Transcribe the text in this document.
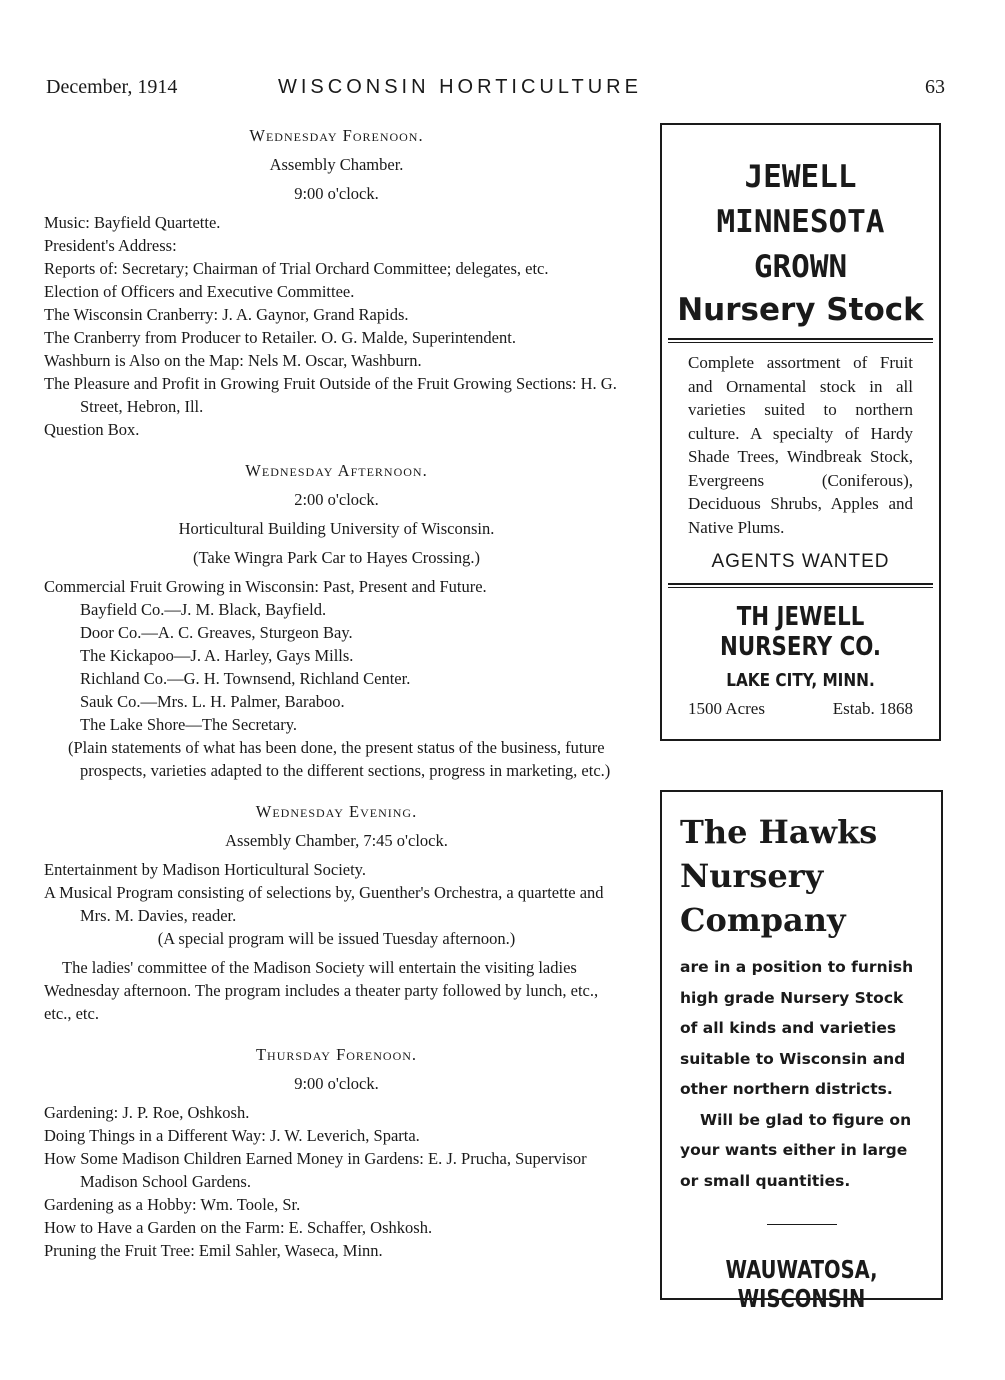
December, 1914	WISCONSIN HORTICULTURE	63
Wednesday Forenoon.
Assembly Chamber.
9:00 o'clock.

Music: Bayfield Quartette.

President's Address:

Reports of: Secretary; Chairman of Trial Orchard Committee; delegates, etc.

Election of Officers and Executive Committee.

The Wisconsin Cranberry: J. A. Gaynor, Grand Rapids.

The Cranberry from Producer to Retailer. O. G. Malde, Superintendent.

Washburn is Also on the Map: Nels M. Oscar, Washburn.

The Pleasure and Profit in Growing Fruit Outside of the Fruit Growing Sections: H. G. Street, Hebron, Ill.

Question Box.

Wednesday Afternoon.
2:00 o'clock.
Horticultural Building University of Wisconsin.
(Take Wingra Park Car to Hayes Crossing.)

Commercial Fruit Growing in Wisconsin: Past, Present and Future.

Bayfield Co.—J. M. Black, Bayfield.

Door Co.—A. C. Greaves, Sturgeon Bay.

The Kickapoo—J. A. Harley, Gays Mills.

Richland Co.—G. H. Townsend, Richland Center.

Sauk Co.—Mrs. L. H. Palmer, Baraboo.

The Lake Shore—The Secretary.

(Plain statements of what has been done, the present status of the business, future prospects, varieties adapted to the different sections, progress in marketing, etc.)

Wednesday Evening.
Assembly Chamber, 7:45 o'clock.

Entertainment by Madison Horticultural Society.

A Musical Program consisting of selections by, Guenther's Orchestra, a quartette and Mrs. M. Davies, reader.

(A special program will be issued Tuesday afternoon.)

The ladies' committee of the Madison Society will entertain the visiting ladies Wednesday afternoon. The program includes a theater party followed by lunch, etc., etc., etc.

Thursday Forenoon.
9:00 o'clock.

Gardening: J. P. Roe, Oshkosh.

Doing Things in a Different Way: J. W. Leverich, Sparta.

How Some Madison Children Earned Money in Gardens: E. J. Prucha, Supervisor Madison School Gardens.

Gardening as a Hobby: Wm. Toole, Sr.

How to Have a Garden on the Farm: E. Schaffer, Oshkosh.

Pruning the Fruit Tree: Emil Sahler, Waseca, Minn.

JEWELL
MINNESOTA
GROWN
Nursery Stock
Complete assortment of Fruit and Ornamental stock in all varieties suited to northern culture. A specialty of Hardy Shade Trees, Windbreak Stock, Evergreens (Coniferous), Deciduous Shrubs, Apples and Native Plums.
AGENTS WANTED
TH JEWELL NURSERY CO.
LAKE CITY, MINN.
1500 Acres	Estab. 1868
The Hawks
Nursery
Company

are in a position to furnish high grade Nursery Stock of all kinds and varieties suitable to Wisconsin and other northern districts.

Will be glad to figure on your wants either in large or small quantities.

WAUWATOSA, WISCONSIN
